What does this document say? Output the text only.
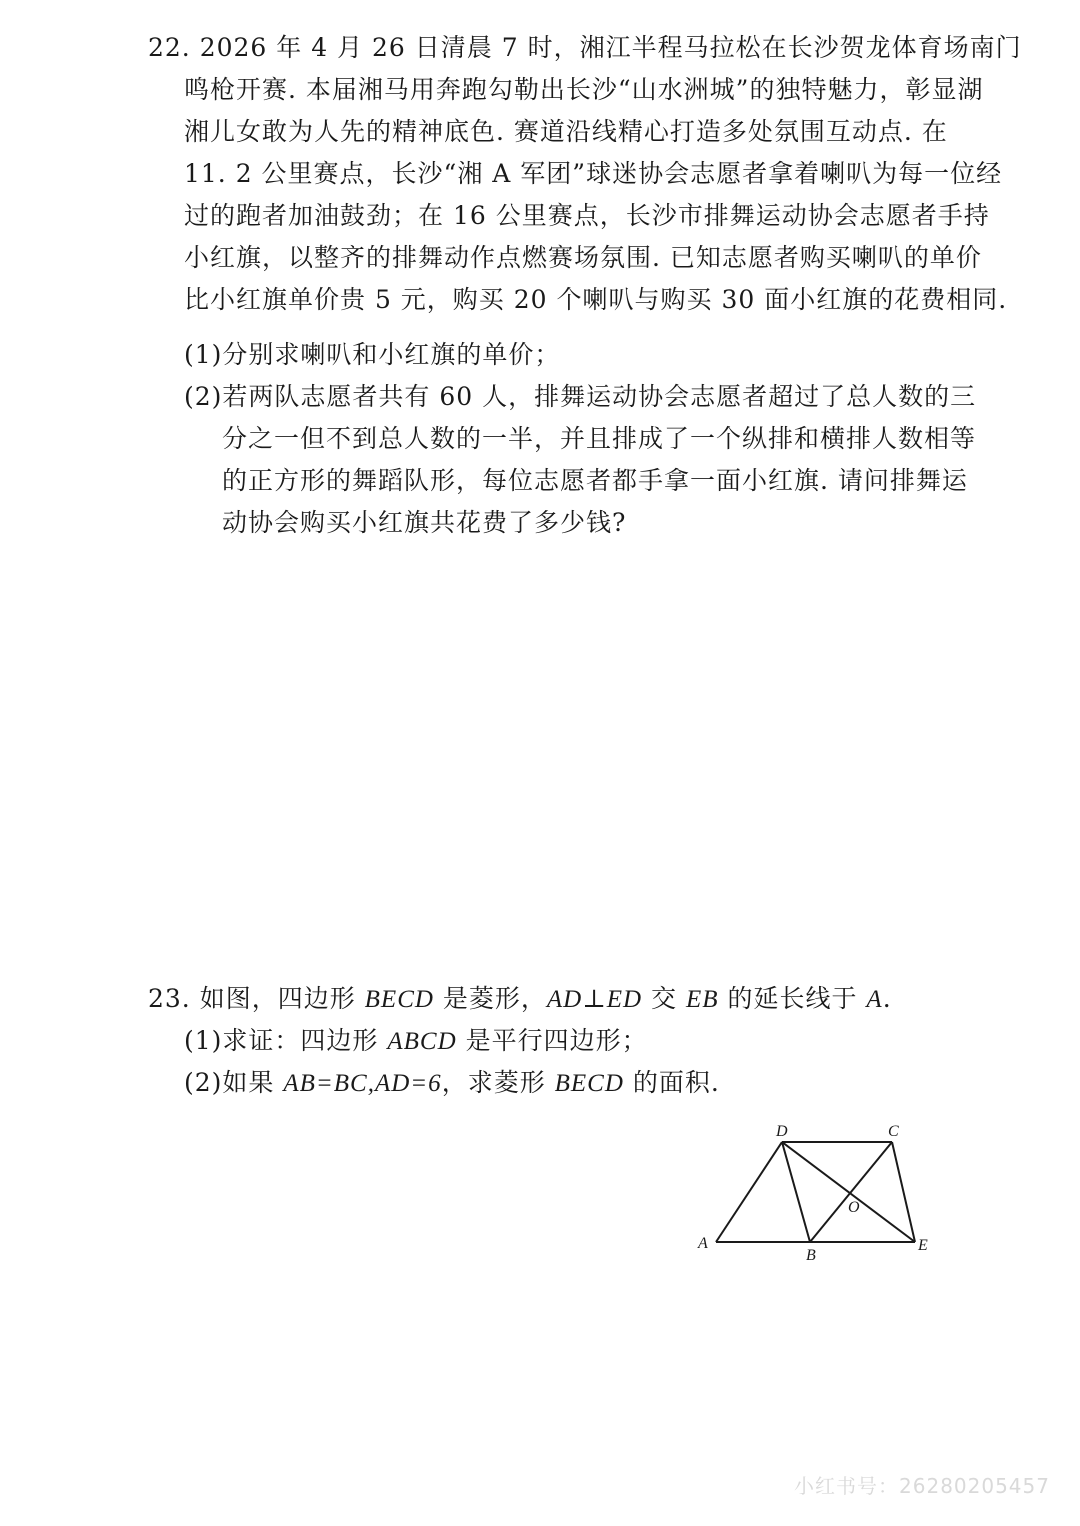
22. 2026 年 4 月 26 日清晨 7 时，湘江半程马拉松在长沙贺龙体育场南门
鸣枪开赛. 本届湘马用奔跑勾勒出长沙“山水洲城”的独特魅力，彰显湖
湘儿女敢为人先的精神底色. 赛道沿线精心打造多处氛围互动点. 在
11. 2 公里赛点，长沙“湘 A 军团”球迷协会志愿者拿着喇叭为每一位经
过的跑者加油鼓劲；在 16 公里赛点，长沙市排舞运动协会志愿者手持
小红旗，以整齐的排舞动作点燃赛场氛围. 已知志愿者购买喇叭的单价
比小红旗单价贵 5 元，购买 20 个喇叭与购买 30 面小红旗的花费相同.
(1)分别求喇叭和小红旗的单价；
(2)若两队志愿者共有 60 人，排舞运动协会志愿者超过了总人数的三
分之一但不到总人数的一半，并且排成了一个纵排和横排人数相等
的正方形的舞蹈队形，每位志愿者都手拿一面小红旗. 请问排舞运
动协会购买小红旗共花费了多少钱?
23. 如图，四边形 BECD 是菱形，AD⊥ED 交 EB 的延长线于 A.
(1)求证：四边形 ABCD 是平行四边形；
(2)如果 AB=BC,AD=6，求菱形 BECD 的面积.
A
B
C
D
E
O
小红书号：26280205457
